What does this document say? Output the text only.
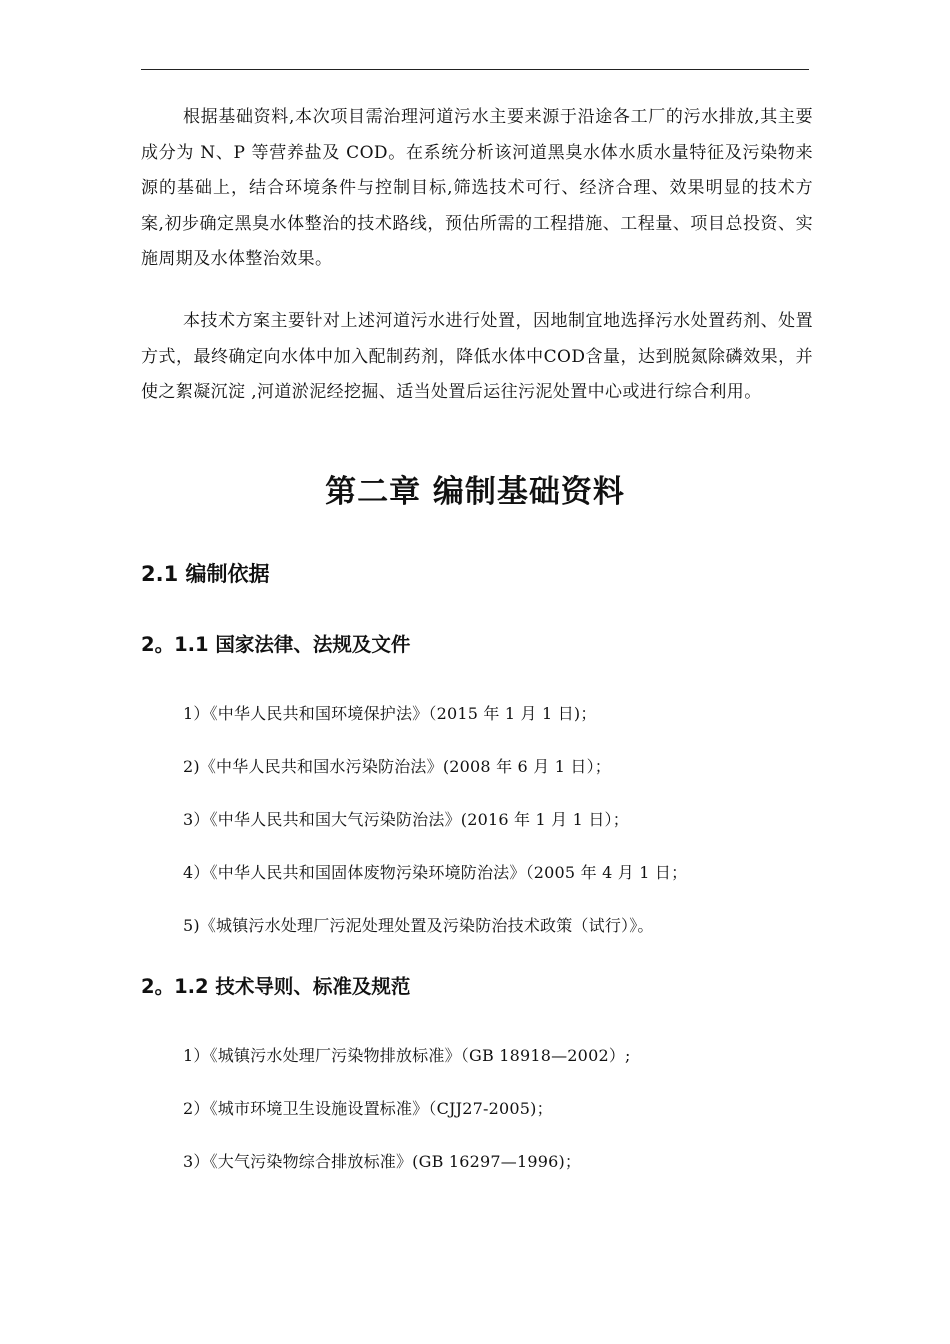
根据基础资料,本次项目需治理河道污水主要来源于沿途各工厂的污水排放,其主要成分为 N、P 等营养盐及 COD。在系统分析该河道黑臭水体水质水量特征及污染物来源的基础上，结合环境条件与控制目标,筛选技术可行、经济合理、效果明显的技术方案,初步确定黑臭水体整治的技术路线，预估所需的工程措施、工程量、项目总投资、实施周期及水体整治效果。

本技术方案主要针对上述河道污水进行处置，因地制宜地选择污水处置药剂、处置方式，最终确定向水体中加入配制药剂，降低水体中COD含量，达到脱氮除磷效果，并使之絮凝沉淀 ,河道淤泥经挖掘、适当处置后运往污泥处置中心或进行综合利用。

第二章 编制基础资料
2.1 编制依据
2。1.1 国家法律、法规及文件
1）《中华人民共和国环境保护法》（2015 年 1 月 1 日)；
2)《中华人民共和国水污染防治法》(2008 年 6 月 1 日）；
3）《中华人民共和国大气污染防治法》(2016 年 1 月 1 日）；
4）《中华人民共和国固体废物污染环境防治法》（2005 年 4 月 1 日；
5)《城镇污水处理厂污泥处理处置及污染防治技术政策（试行）》。
2。1.2 技术导则、标准及规范
1）《城镇污水处理厂污染物排放标准》（GB 18918—2002）;
2）《城市环境卫生设施设置标准》（CJJ27-2005)；
3）《大气污染物综合排放标准》(GB 16297—1996)；
